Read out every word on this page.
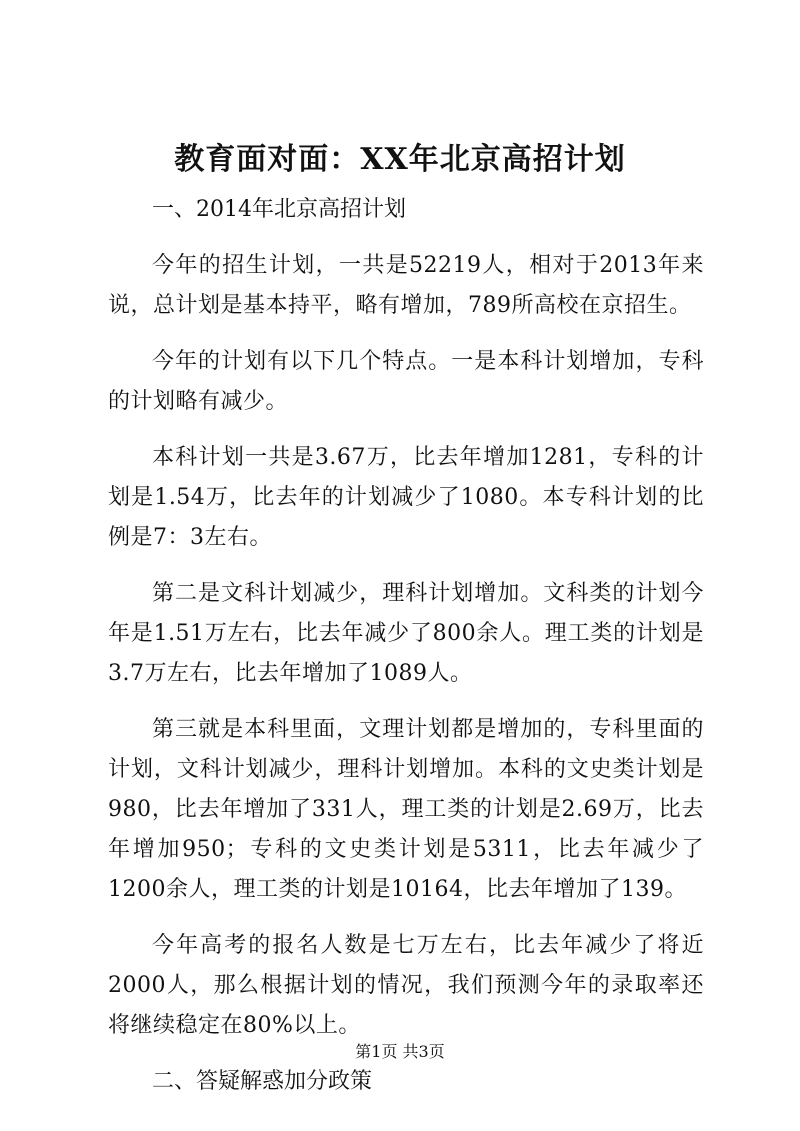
教育面对面：XX年北京高招计划

一、2014年北京高招计划

今年的招生计划，一共是52219人，相对于2013年来说，总计划是基本持平，略有增加，789所高校在京招生。

今年的计划有以下几个特点。一是本科计划增加，专科的计划略有减少。

本科计划一共是3.67万，比去年增加1281，专科的计划是1.54万，比去年的计划减少了1080。本专科计划的比例是7：3左右。

第二是文科计划减少，理科计划增加。文科类的计划今年是1.51万左右，比去年减少了800余人。理工类的计划是3.7万左右，比去年增加了1089人。

第三就是本科里面，文理计划都是增加的，专科里面的计划，文科计划减少，理科计划增加。本科的文史类计划是980，比去年增加了331人，理工类的计划是2.69万，比去年增加950；专科的文史类计划是5311，比去年减少了1200余人，理工类的计划是10164，比去年增加了139。

今年高考的报名人数是七万左右，比去年减少了将近2000人，那么根据计划的情况，我们预测今年的录取率还将继续稳定在80%以上。

二、答疑解惑加分政策

第1页 共3页
